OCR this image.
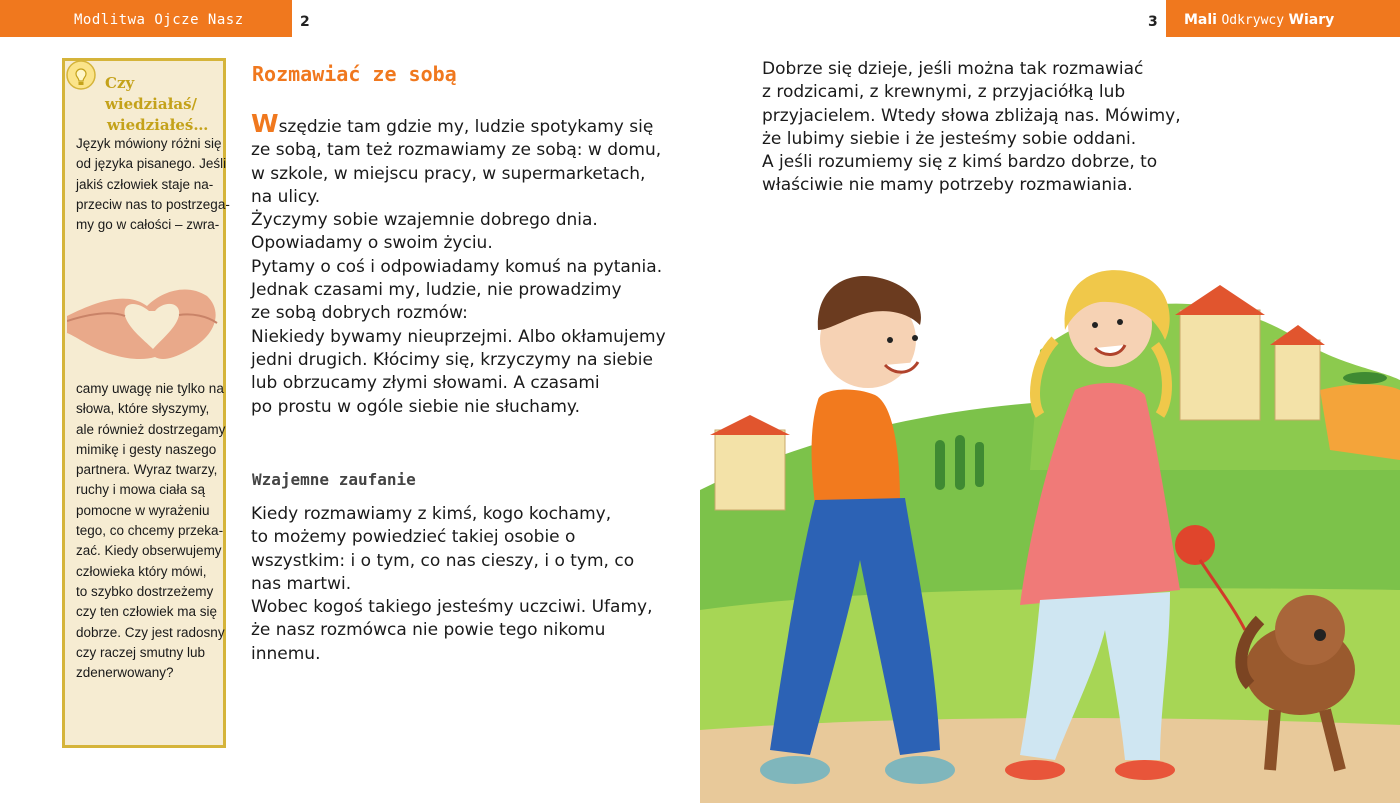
Modlitwa Ojcze Nasz	2	3 Mali Odkrywcy Wiary
Czy wiedziałaś/
wiedziałeś…
Język mówiony różni się
od języka pisanego. Jeśli
jakiś człowiek staje na-
przeciw nas to postrzega-
my go w całości – zwra-
camy uwagę nie tylko na
słowa, które słyszymy,
ale również dostrzegamy
mimikę i gesty naszego
partnera. Wyraz twarzy,
ruchy i mowa ciała są
pomocne w wyrażeniu
tego, co chcemy przeka-
zać. Kiedy obserwujemy
człowieka który mówi,
to szybko dostrzeżemy
czy ten człowiek ma się
dobrze. Czy jest radosny
czy raczej smutny lub
zdenerwowany?
Rozmawiać ze sobą
Wszędzie tam gdzie my, ludzie spotykamy się
ze sobą, tam też rozmawiamy ze sobą: w domu,
w szkole, w miejscu pracy, w supermarketach,
na ulicy.
Życzymy sobie wzajemnie dobrego dnia.
Opowiadamy o swoim życiu.
Pytamy o coś i odpowiadamy komuś na pytania.
Jednak czasami my, ludzie, nie prowadzimy
ze sobą dobrych rozmów:
Niekiedy bywamy nieuprzejmi. Albo okłamujemy
jedni drugich. Kłócimy się, krzyczymy na siebie
lub obrzucamy złymi słowami. A czasami
po prostu w ogóle siebie nie słuchamy.
Wzajemne zaufanie
Kiedy rozmawiamy z kimś, kogo kochamy,
to możemy powiedzieć takiej osobie o
wszystkim: i o tym, co nas cieszy, i o tym, co
nas martwi.
Wobec kogoś takiego jesteśmy uczciwi. Ufamy,
że nasz rozmówca nie powie tego nikomu
innemu.
Dobrze się dzieje, jeśli można tak rozmawiać
z rodzicami, z krewnymi, z przyjaciółką lub
przyjacielem. Wtedy słowa zbliżają nas. Mówimy,
że lubimy siebie i że jesteśmy sobie oddani.
A jeśli rozumiemy się z kimś bardzo dobrze, to
właściwie nie mamy potrzeby rozmawiania.
